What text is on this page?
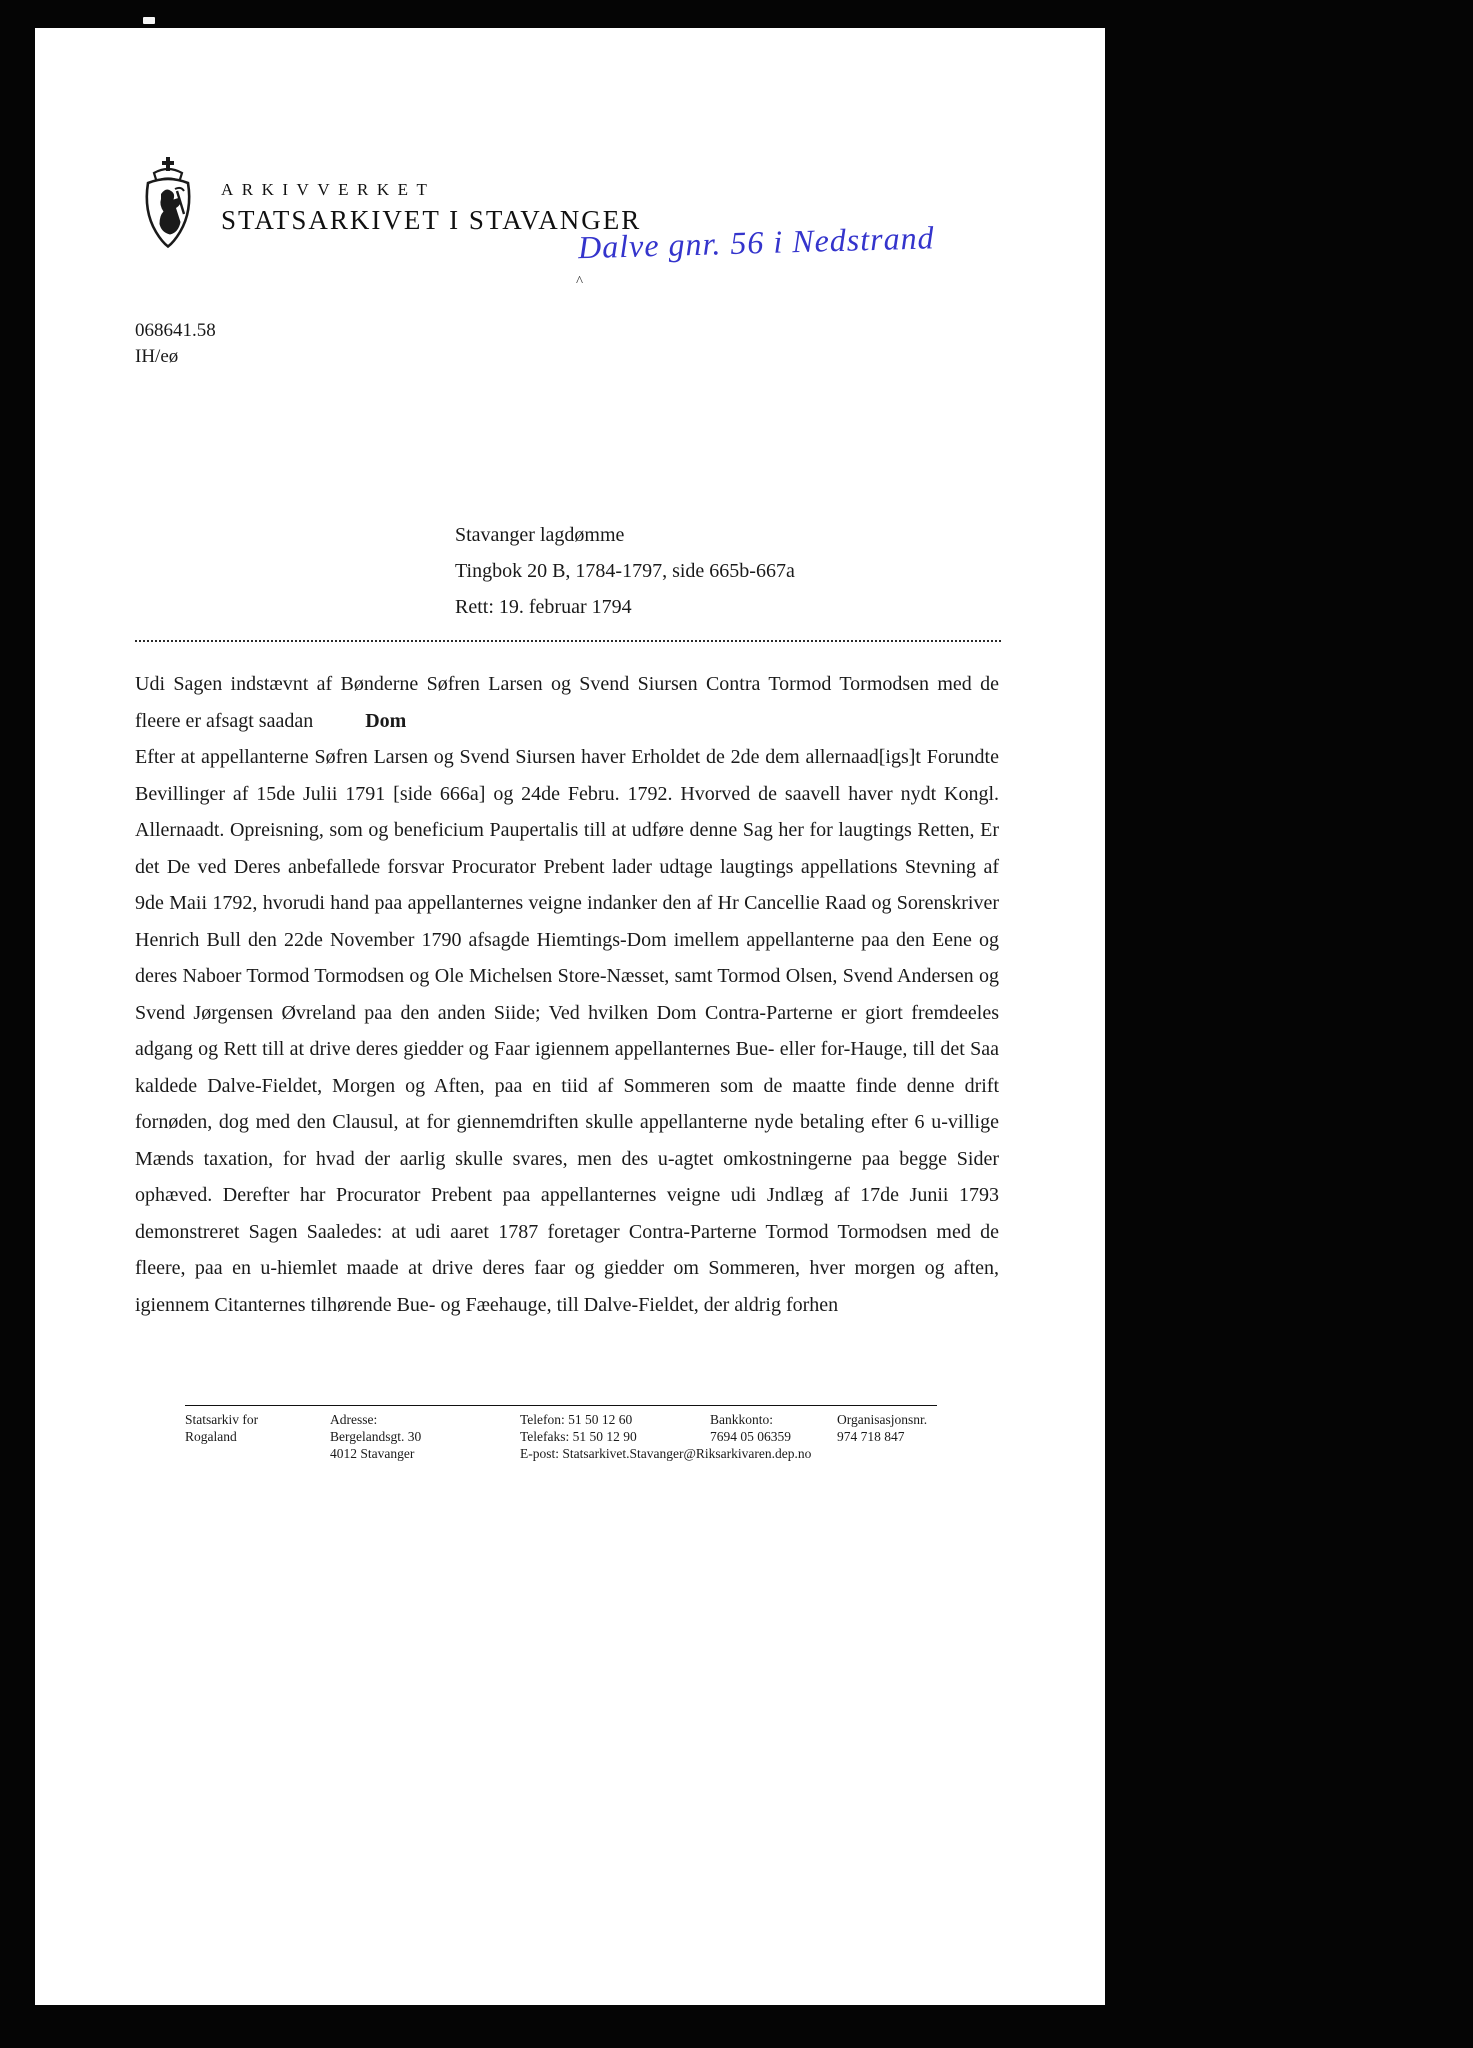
ARKIVVERKET
STATSARKIVET I STAVANGER
Dalve gnr. 56 i Nedstrand
^
068641.58
IH/eø
Stavanger lagdømme
Tingbok 20 B, 1784-1797, side 665b-667a
Rett: 19. februar 1794

Udi Sagen indstævnt af Bønderne Søfren Larsen og Svend Siursen Contra Tormod Tormodsen med de fleere er afsagt saadan	Dom

Efter at appellanterne Søfren Larsen og Svend Siursen haver Erholdet de 2de dem allernaad[igs]t Forundte Bevillinger af 15de Julii 1791 [side 666a] og 24de Febru. 1792. Hvorved de saavell haver nydt Kongl. Allernaadt. Opreisning, som og beneficium Paupertalis till at udføre denne Sag her for laugtings Retten, Er det De ved Deres anbefallede forsvar Procurator Prebent lader udtage laugtings appellations Stevning af 9de Maii 1792, hvorudi hand paa appellanternes veigne indanker den af Hr Cancellie Raad og Sorenskriver Henrich Bull den 22de November 1790 afsagde Hiemtings-Dom imellem appellanterne paa den Eene og deres Naboer Tormod Tormodsen og Ole Michelsen Store-Næsset, samt Tormod Olsen, Svend Andersen og Svend Jørgensen Øvreland paa den anden Siide; Ved hvilken Dom Contra-Parterne er giort fremdeeles adgang og Rett till at drive deres giedder og Faar igiennem appellanternes Bue- eller for-Hauge, till det Saa kaldede Dalve-Fieldet, Morgen og Aften, paa en tiid af Sommeren som de maatte finde denne drift fornøden, dog med den Clausul, at for giennemdriften skulle appellanterne nyde betaling efter 6 u-villige Mænds taxation, for hvad der aarlig skulle svares, men des u-agtet omkostningerne paa begge Sider ophæved. Derefter har Procurator Prebent paa appellanternes veigne udi Jndlæg af 17de Junii 1793 demonstreret Sagen Saaledes: at udi aaret 1787 foretager Contra-Parterne Tormod Tormodsen med de fleere, paa en u-hiemlet maade at drive deres faar og giedder om Sommeren, hver morgen og aften, igiennem Citanternes tilhørende Bue- og Fæehauge, till Dalve-Fieldet, der aldrig forhen

Statsarkiv for
Rogaland
Adresse:
Bergelandsgt. 30
4012 Stavanger
Telefon: 51 50 12 60
Telefaks: 51 50 12 90
E-post: Statsarkivet.Stavanger@Riksarkivaren.dep.no
Bankkonto:
7694 05 06359
Organisasjonsnr.
974 718 847
